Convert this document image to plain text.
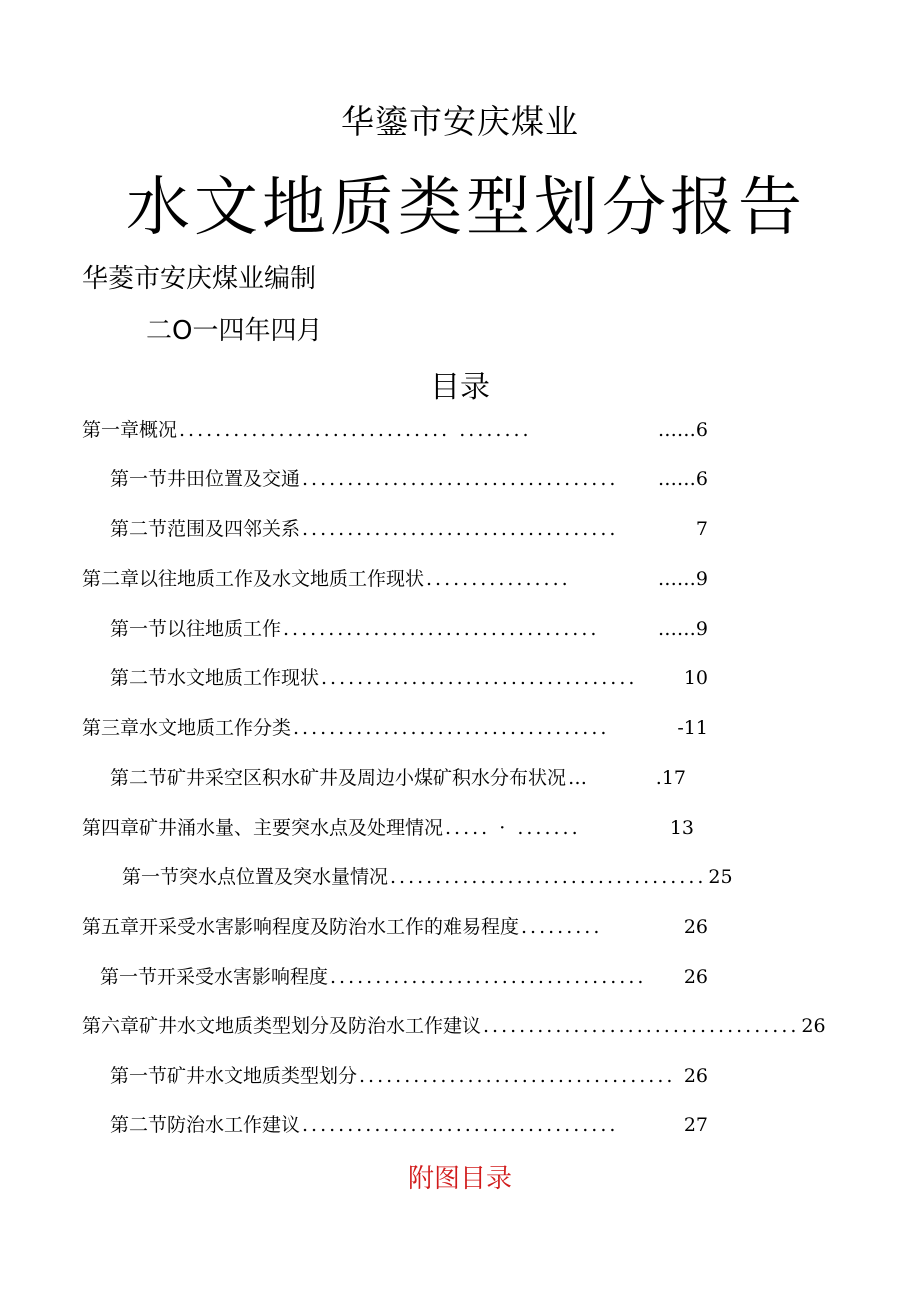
华鎏市安庆煤业
水文地质类型划分报告
华菱市安庆煤业编制
二O一四年四月
目录
第一章概况 .............................. ........	……6
第一节井田位置及交通 ...................................	……6
第二节范围及四邻关系 ...................................	7
第二章以往地质工作及水文地质工作现状 ................	……9
第一节以往地质工作 ...................................	……9
第二节水文地质工作现状 ...................................	10
第三章水文地质工作分类 ...................................	-11
第二节矿井采空区积水矿井及周边小煤矿积水分布状况 …	.17
第四章矿井涌水量、主要突水点及处理情况 ..... · .......	13
第一节突水点位置及突水量情况 ................................... 25
第五章开采受水害影响程度及防治水工作的难易程度 .........	26
第一节开采受水害影响程度 ...................................	26
第六章矿井水文地质类型划分及防治水工作建议 ................................... 26
第一节矿井水文地质类型划分 ................................... 26
第二节防治水工作建议 ...................................	27
附图目录
